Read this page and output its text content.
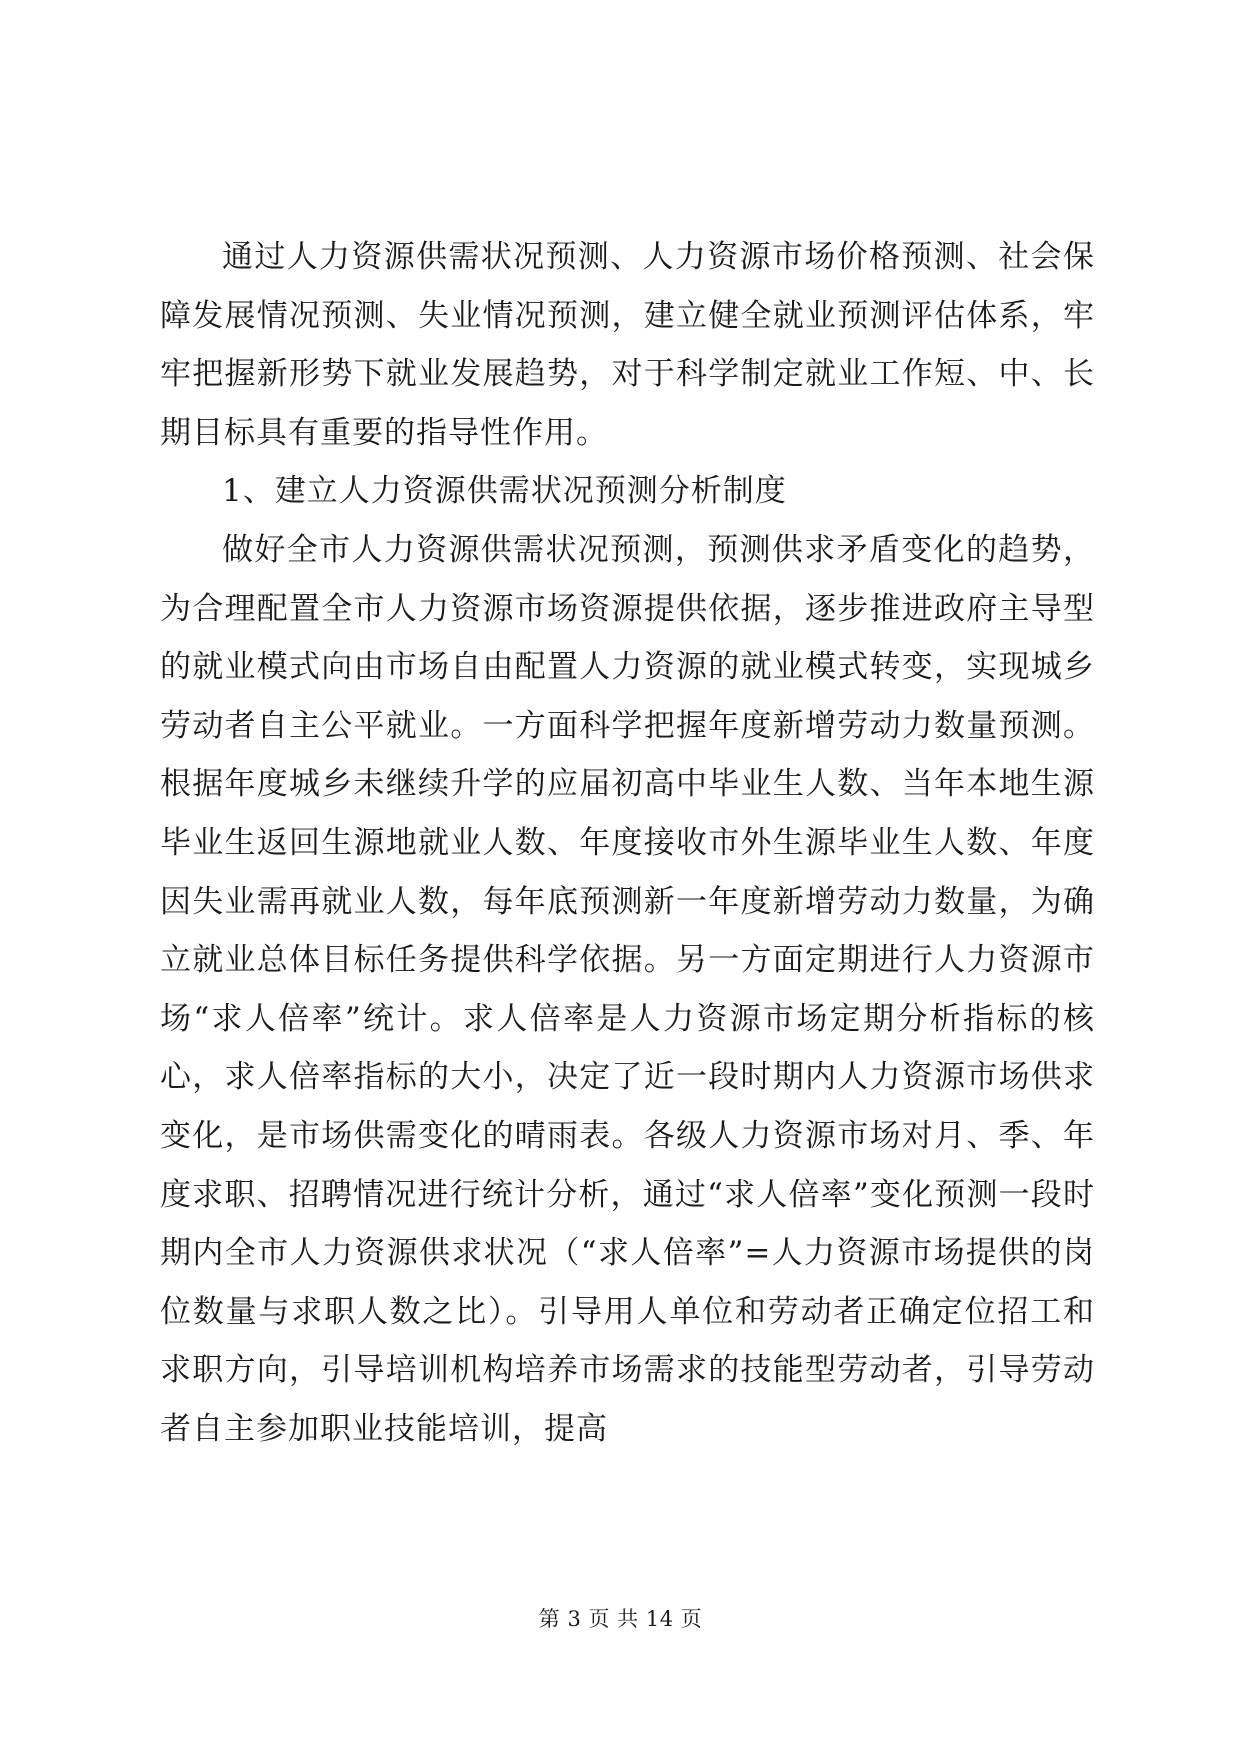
通过人力资源供需状况预测、人力资源市场价格预测、社会保障发展情况预测、失业情况预测，建立健全就业预测评估体系，牢牢把握新形势下就业发展趋势，对于科学制定就业工作短、中、长期目标具有重要的指导性作用。

1、建立人力资源供需状况预测分析制度

做好全市人力资源供需状况预测，预测供求矛盾变化的趋势，为合理配置全市人力资源市场资源提供依据，逐步推进政府主导型的就业模式向由市场自由配置人力资源的就业模式转变，实现城乡劳动者自主公平就业。一方面科学把握年度新增劳动力数量预测。根据年度城乡未继续升学的应届初高中毕业生人数、当年本地生源毕业生返回生源地就业人数、年度接收市外生源毕业生人数、年度因失业需再就业人数，每年底预测新一年度新增劳动力数量，为确立就业总体目标任务提供科学依据。另一方面定期进行人力资源市场“求人倍率”统计。求人倍率是人力资源市场定期分析指标的核心，求人倍率指标的大小，决定了近一段时期内人力资源市场供求变化，是市场供需变化的晴雨表。各级人力资源市场对月、季、年度求职、招聘情况进行统计分析，通过“求人倍率”变化预测一段时期内全市人力资源供求状况（“求人倍率”=人力资源市场提供的岗位数量与求职人数之比）。引导用人单位和劳动者正确定位招工和求职方向，引导培训机构培养市场需求的技能型劳动者，引导劳动者自主参加职业技能培训，提高

第 3 页 共 14 页
